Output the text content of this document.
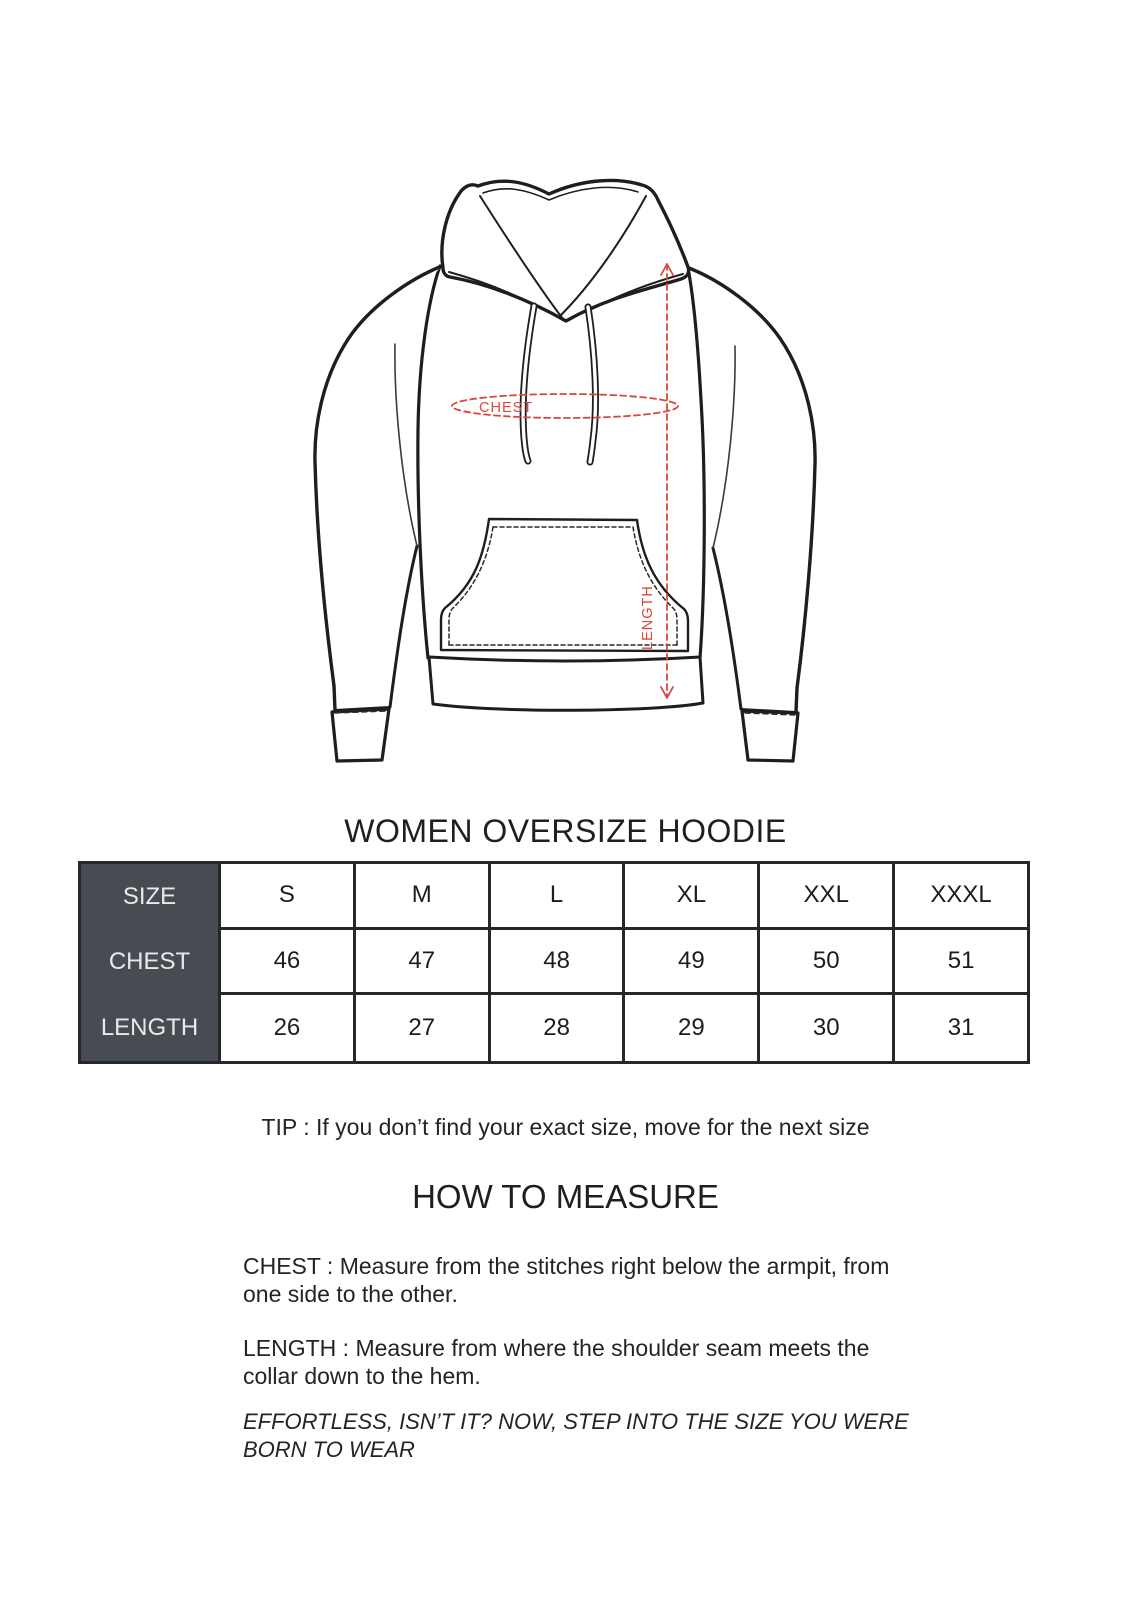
CHEST
LENGTH
WOMEN OVERSIZE HOODIE
SIZE	S	M	L	XL	XXL	XXXL
CHEST	46	47	48	49	50	51
LENGTH	26	27	28	29	30	31
TIP : If you don’t find your exact size, move for the next size
HOW TO MEASURE
CHEST : Measure from the stitches right below the armpit, from
one side to the other.
LENGTH : Measure from where the shoulder seam meets the
collar down to the hem.
EFFORTLESS, ISN’T IT? NOW, STEP INTO THE SIZE YOU WERE
BORN TO WEAR
